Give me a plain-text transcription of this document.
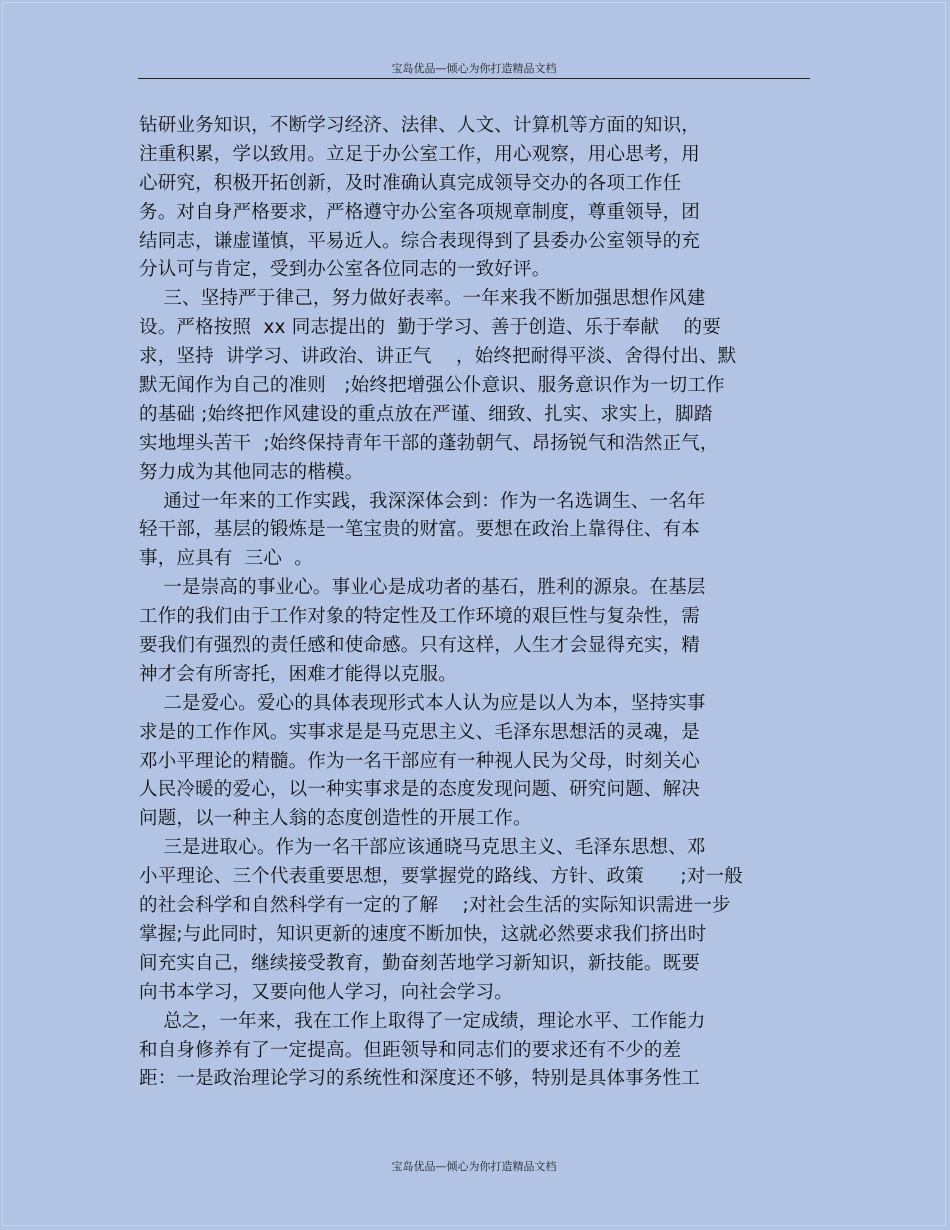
宝岛优品—倾心为你打造精品文档
钻研业务知识，不断学习经济、法律、人文、计算机等方面的知识，
注重积累，学以致用。立足于办公室工作，用心观察，用心思考，用
心研究，积极开拓创新，及时准确认真完成领导交办的各项工作任
务。对自身严格要求，严格遵守办公室各项规章制度，尊重领导，团
结同志，谦虚谨慎，平易近人。综合表现得到了县委办公室领导的充
分认可与肯定，受到办公室各位同志的一致好评。
三、坚持严于律己，努力做好表率。一年来我不断加强思想作风建
设。严格按照  xx 同志提出的  勤于学习、善于创造、乐于奉献    的要
求，坚持  讲学习、讲政治、讲正气    ，始终把耐得平淡、舍得付出、默
默无闻作为自己的准则   ;始终把增强公仆意识、服务意识作为一切工作
的基础 ;始终把作风建设的重点放在严谨、细致、扎实、求实上，脚踏
实地埋头苦干  ;始终保持青年干部的蓬勃朝气、昂扬锐气和浩然正气，
努力成为其他同志的楷模。
通过一年来的工作实践，我深深体会到：作为一名选调生、一名年
轻干部，基层的锻炼是一笔宝贵的财富。要想在政治上靠得住、有本
事，应具有  三心  。
一是崇高的事业心。事业心是成功者的基石，胜利的源泉。在基层
工作的我们由于工作对象的特定性及工作环境的艰巨性与复杂性，需
要我们有强烈的责任感和使命感。只有这样，人生才会显得充实，精
神才会有所寄托，困难才能得以克服。
二是爱心。爱心的具体表现形式本人认为应是以人为本，坚持实事
求是的工作作风。实事求是是马克思主义、毛泽东思想活的灵魂，是
邓小平理论的精髓。作为一名干部应有一种视人民为父母，时刻关心
人民冷暖的爱心，以一种实事求是的态度发现问题、研究问题、解决
问题，以一种主人翁的态度创造性的开展工作。
三是进取心。作为一名干部应该通晓马克思主义、毛泽东思想、邓
小平理论、三个代表重要思想，要掌握党的路线、方针、政策      ;对一般
的社会科学和自然科学有一定的了解    ;对社会生活的实际知识需进一步
掌握;与此同时，知识更新的速度不断加快，这就必然要求我们挤出时
间充实自己，继续接受教育，勤奋刻苦地学习新知识，新技能。既要
向书本学习，又要向他人学习，向社会学习。
总之，一年来，我在工作上取得了一定成绩，理论水平、工作能力
和自身修养有了一定提高。但距领导和同志们的要求还有不少的差
距：一是政治理论学习的系统性和深度还不够，特别是具体事务性工
宝岛优品—倾心为你打造精品文档
